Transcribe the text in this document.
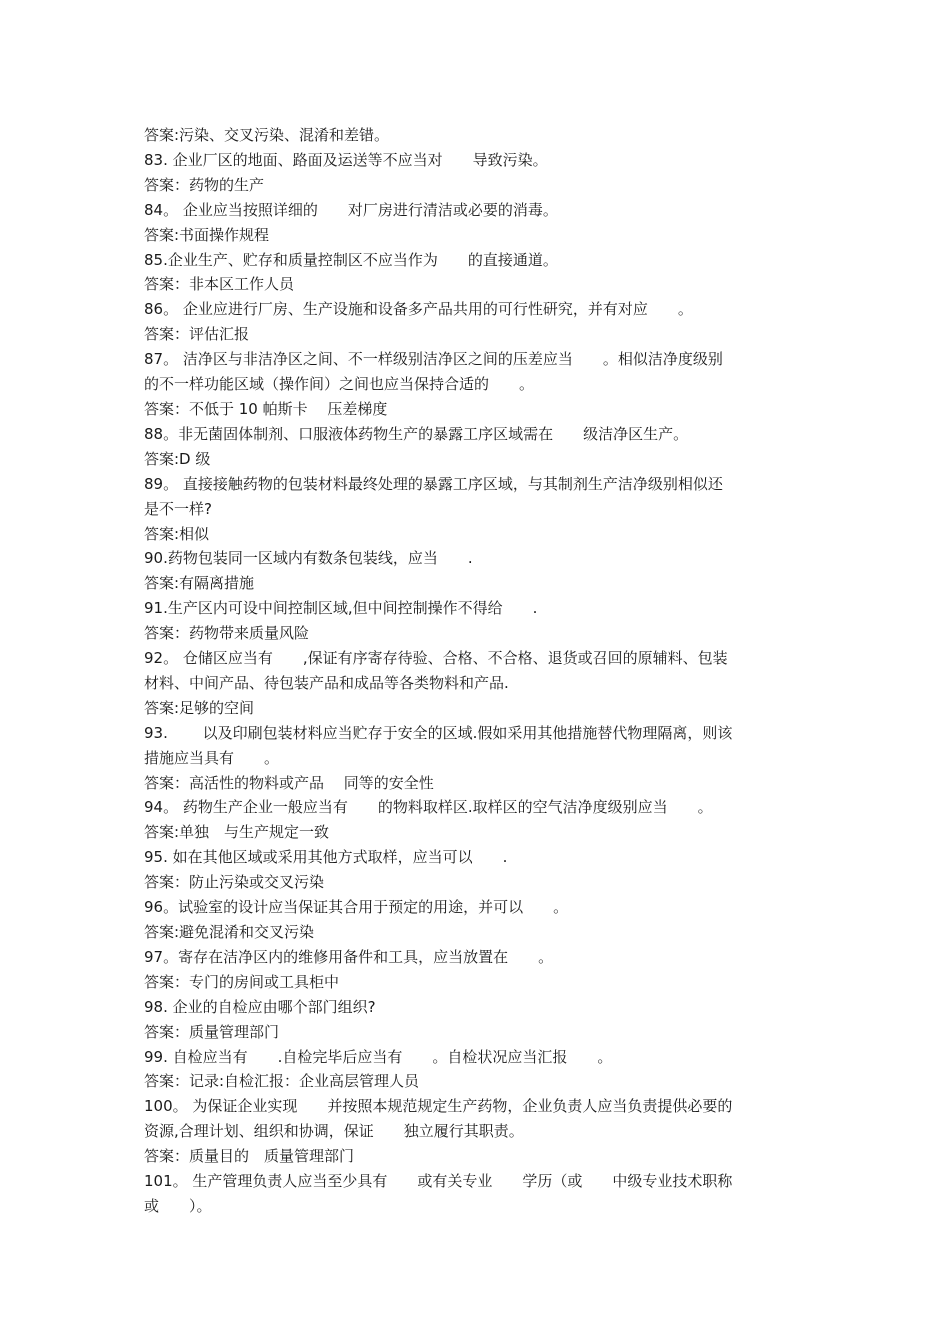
答案:污染、交叉污染、混淆和差错。

83. 企业厂区的地面、路面及运送等不应当对　　导致污染。

答案：药物的生产

84。 企业应当按照详细的　　对厂房进行清洁或必要的消毒。

答案:书面操作规程

85.企业生产、贮存和质量控制区不应当作为　　的直接通道。

答案：非本区工作人员

86。 企业应进行厂房、生产设施和设备多产品共用的可行性研究，并有对应　　。

答案：评估汇报

87。 洁净区与非洁净区之间、不一样级别洁净区之间的压差应当　　。相似洁净度级别

的不一样功能区域（操作间）之间也应当保持合适的　　。

答案：不低于 10 帕斯卡　 压差梯度

88。非无菌固体制剂、口服液体药物生产的暴露工序区域需在　　级洁净区生产。

答案:D 级

89。 直接接触药物的包装材料最终处理的暴露工序区域，与其制剂生产洁净级别相似还

是不一样?

答案:相似

90.药物包装同一区域内有数条包装线，应当　　.

答案:有隔离措施

91.生产区内可设中间控制区域,但中间控制操作不得给　　.

答案：药物带来质量风险

92。 仓储区应当有　　,保证有序寄存待验、合格、不合格、退货或召回的原辅料、包装

材料、中间产品、待包装产品和成品等各类物料和产品.

答案:足够的空间

93.　　 以及印刷包装材料应当贮存于安全的区域.假如采用其他措施替代物理隔离，则该

措施应当具有　　。

答案：高活性的物料或产品　 同等的安全性

94。 药物生产企业一般应当有　　的物料取样区.取样区的空气洁净度级别应当　　。

答案:单独　与生产规定一致

95. 如在其他区域或采用其他方式取样，应当可以　　.

答案：防止污染或交叉污染

96。试验室的设计应当保证其合用于预定的用途，并可以　　。

答案:避免混淆和交叉污染

97。寄存在洁净区内的维修用备件和工具，应当放置在　　。

答案：专门的房间或工具柜中

98. 企业的自检应由哪个部门组织?

答案：质量管理部门

99. 自检应当有　　.自检完毕后应当有　　。自检状况应当汇报　　。

答案：记录:自检汇报：企业高层管理人员

100。 为保证企业实现　　并按照本规范规定生产药物，企业负责人应当负责提供必要的

资源,合理计划、组织和协调，保证　　独立履行其职责。

答案：质量目的　质量管理部门

101。 生产管理负责人应当至少具有　　或有关专业　　学历（或　　中级专业技术职称

或　　）。
